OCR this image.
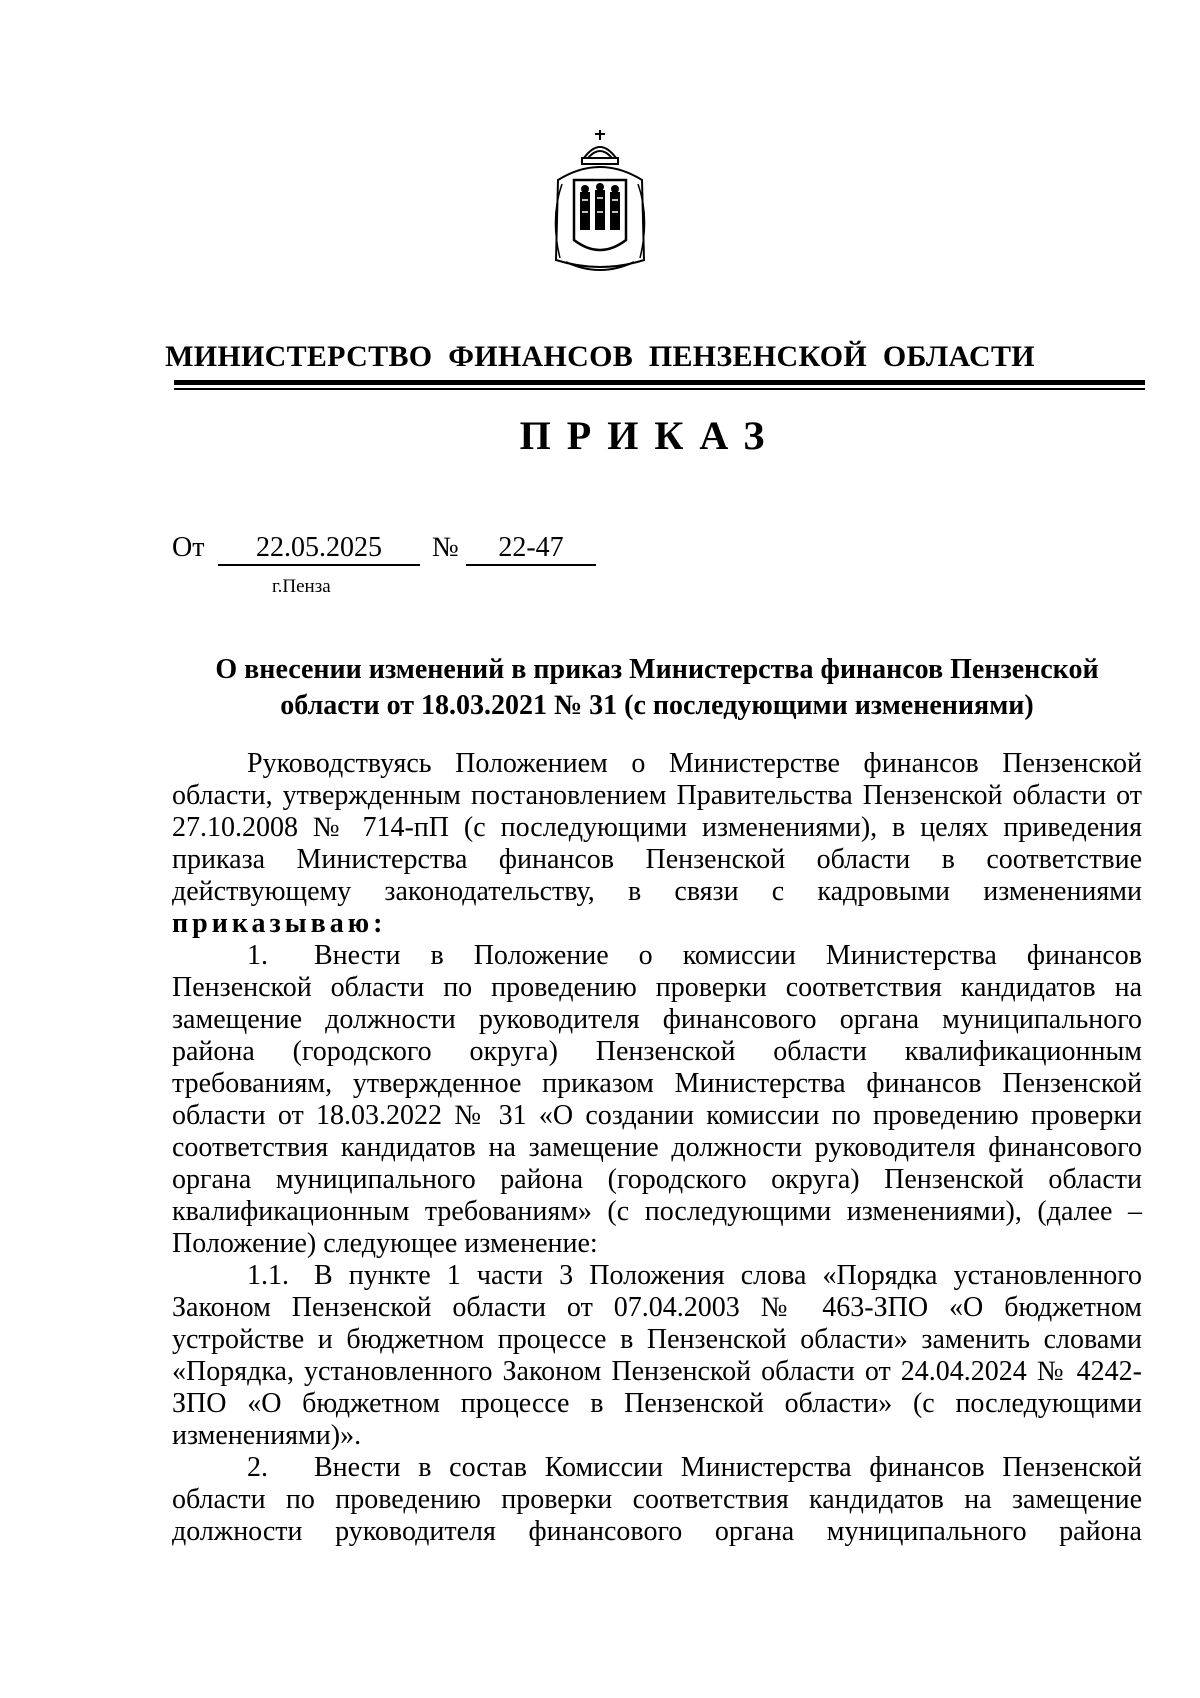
МИНИСТЕРСТВО ФИНАНСОВ ПЕНЗЕНСКОЙ ОБЛАСТИ
ПРИКАЗ
От	22.05.2025	№	22-47
г.Пенза
О внесении изменений в приказ Министерства финансов Пензенской области от 18.03.2021 № 31 (с последующими изменениями)

Руководствуясь Положением о Министерстве финансов Пензенской области, утвержденным постановлением Правительства Пензенской области от 27.10.2008 № 714-пП (с последующими изменениями), в целях приведения приказа Министерства финансов Пензенской области в соответствие действующему законодательству, в связи с кадровыми изменениями приказываю:

1. Внести в Положение о комиссии Министерства финансов Пензенской области по проведению проверки соответствия кандидатов на замещение должности руководителя финансового органа муниципального района (городского округа) Пензенской области квалификационным требованиям, утвержденное приказом Министерства финансов Пензенской области от 18.03.2022 № 31 «О создании комиссии по проведению проверки соответствия кандидатов на замещение должности руководителя финансового органа муниципального района (городского округа) Пензенской области квалификационным требованиям» (с последующими изменениями), (далее – Положение) следующее изменение:

1.1. В пункте 1 части 3 Положения слова «Порядка установленного Законом Пензенской области от 07.04.2003 № 463-ЗПО «О бюджетном устройстве и бюджетном процессе в Пензенской области» заменить словами «Порядка, установленного Законом Пензенской области от 24.04.2024 № 4242-ЗПО «О бюджетном процессе в Пензенской области» (с последующими изменениями)».

2. Внести в состав Комиссии Министерства финансов Пензенской области по проведению проверки соответствия кандидатов на замещение должности руководителя финансового органа муниципального района
